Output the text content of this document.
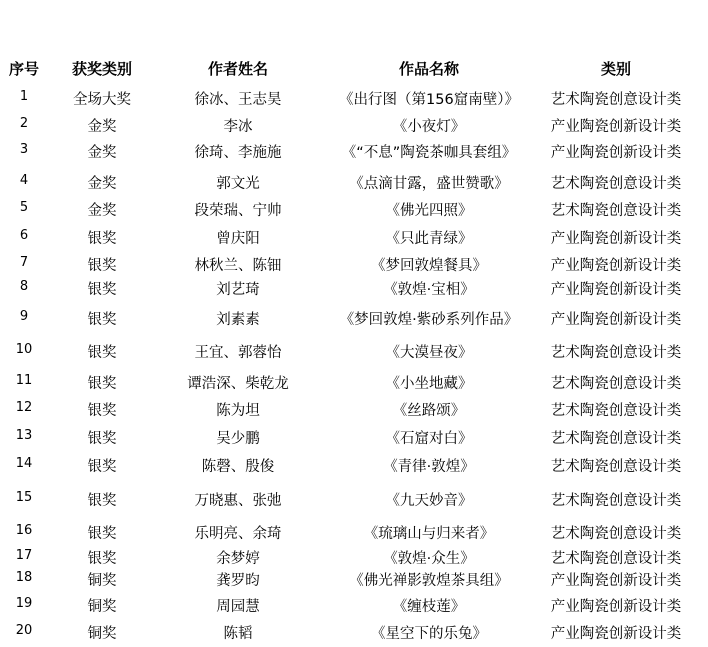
序号	获奖类别	作者姓名	作品名称	类别
1	全场大奖	徐冰、王志昊	《出行图（第156窟南壁）》	艺术陶瓷创意设计类
2	金奖	李冰	《小夜灯》	产业陶瓷创新设计类
3	金奖	徐琦、李施施	《“不息”陶瓷茶咖具套组》	产业陶瓷创新设计类
4	金奖	郭文光	《点滴甘露，盛世赞歌》	艺术陶瓷创意设计类
5	金奖	段荣瑞、宁帅	《佛光四照》	艺术陶瓷创意设计类
6	银奖	曾庆阳	《只此青绿》	产业陶瓷创新设计类
7	银奖	林秋兰、陈钿	《梦回敦煌餐具》	产业陶瓷创新设计类
8	银奖	刘艺琦	《敦煌·宝相》	产业陶瓷创新设计类
9	银奖	刘素素	《梦回敦煌·紫砂系列作品》	产业陶瓷创新设计类
10	银奖	王宜、郭蓉怡	《大漠昼夜》	艺术陶瓷创意设计类
11	银奖	谭浩深、柴乾龙	《小坐地藏》	艺术陶瓷创意设计类
12	银奖	陈为坦	《丝路颂》	艺术陶瓷创意设计类
13	银奖	吴少鹏	《石窟对白》	艺术陶瓷创意设计类
14	银奖	陈磬、殷俊	《青律·敦煌》	艺术陶瓷创意设计类
15	银奖	万晓惠、张弛	《九天妙音》	艺术陶瓷创意设计类
16	银奖	乐明亮、余琦	《琉璃山与归来者》	艺术陶瓷创意设计类
17	银奖	余梦婷	《敦煌·众生》	艺术陶瓷创意设计类
18	铜奖	龚罗昀	《佛光禅影敦煌茶具组》	产业陶瓷创新设计类
19	铜奖	周园慧	《缠枝莲》	产业陶瓷创新设计类
20	铜奖	陈韬	《星空下的乐兔》	产业陶瓷创新设计类
